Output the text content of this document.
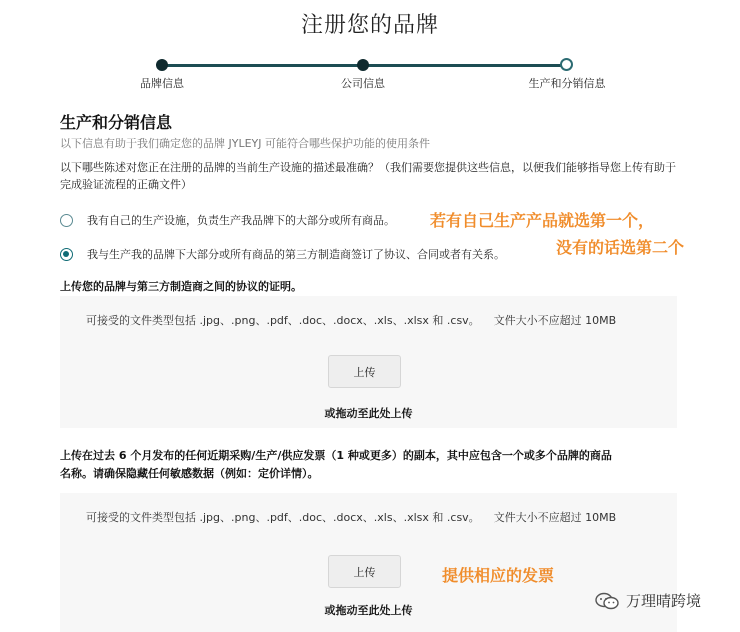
注册您的品牌
品牌信息	公司信息	生产和分销信息
生产和分销信息
以下信息有助于我们确定您的品牌 JYLEYJ 可能符合哪些保护功能的使用条件
以下哪些陈述对您正在注册的品牌的当前生产设施的描述最准确？（我们需要您提供这些信息，以便我们能够指导您上传有助于完成验证流程的正确文件）
我有自己的生产设施，负责生产我品牌下的大部分或所有商品。
我与生产我的品牌下大部分或所有商品的第三方制造商签订了协议、合同或者有关系。
若有自己生产产品就选第一个，
没有的话选第二个
上传您的品牌与第三方制造商之间的协议的证明。
可接受的文件类型包括 .jpg、.png、.pdf、.doc、.docx、.xls、.xlsx 和 .csv。 文件大小不应超过 10MB
上传
或拖动至此处上传
上传在过去 6 个月发布的任何近期采购/生产/供应发票（1 种或更多）的副本，其中应包含一个或多个品牌的商品
名称。请确保隐藏任何敏感数据（例如：定价详情）。
可接受的文件类型包括 .jpg、.png、.pdf、.doc、.docx、.xls、.xlsx 和 .csv。 文件大小不应超过 10MB
上传
或拖动至此处上传
提供相应的发票
万理晴跨境
